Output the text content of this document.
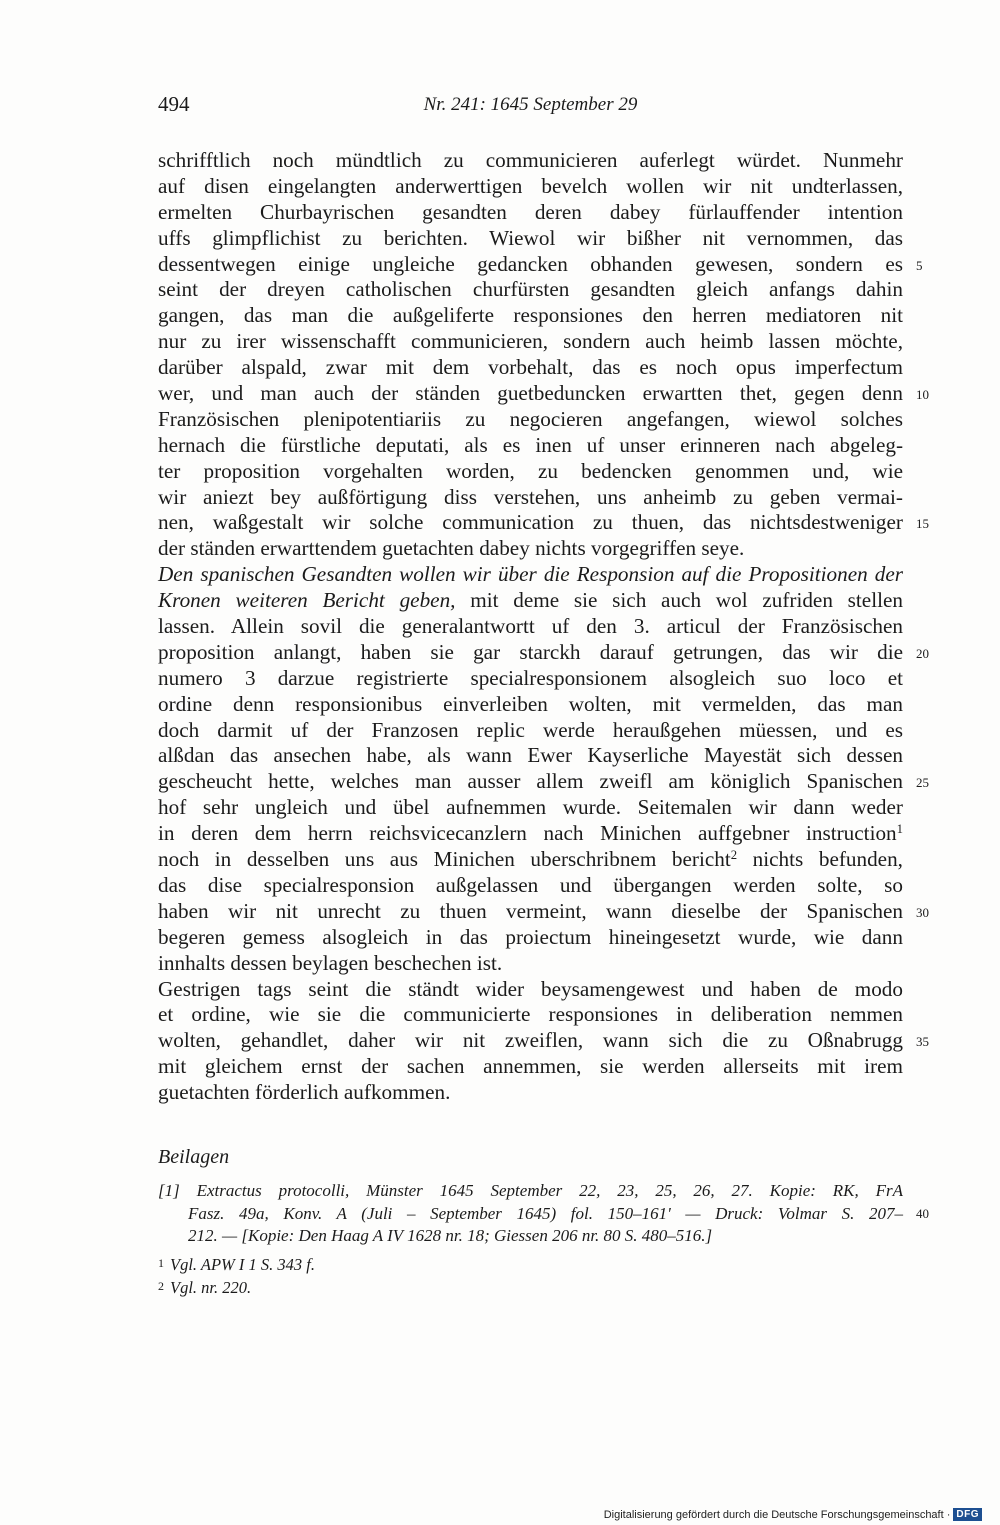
494	Nr. 241: 1645 September 29
schrifftlich noch mündtlich zu communicieren auferlegt würdet. Nunmehr
auf disen eingelangten anderwerttigen bevelch wollen wir nit undterlassen,
ermelten Churbayrischen gesandten deren dabey fürlauffender intention
uffs glimpflichist zu berichten. Wiewol wir bißher nit vernommen, das
dessentwegen einige ungleiche gedancken obhanden gewesen, sondern es 5
seint der dreyen catholischen churfürsten gesandten gleich anfangs dahin
gangen, das man die außgeliferte responsiones den herren mediatoren nit
nur zu irer wissenschafft communicieren, sondern auch heimb lassen möchte,
darüber alspald, zwar mit dem vorbehalt, das es noch opus imperfectum
wer, und man auch der ständen guetbeduncken erwartten thet, gegen denn 10
Französischen plenipotentiariis zu negocieren angefangen, wiewol solches
hernach die fürstliche deputati, als es inen uf unser erinneren nach abgeleg-
ter proposition vorgehalten worden, zu bedencken genommen und, wie
wir aniezt bey außförtigung diss verstehen, uns anheimb zu geben vermai-
nen, waßgestalt wir solche communication zu thuen, das nichtsdestweniger 15
der ständen erwarttendem guetachten dabey nichts vorgegriffen seye.
Den spanischen Gesandten wollen wir über die Responsion auf die Propositionen der
Kronen weiteren Bericht geben, mit deme sie sich auch wol zufriden stellen
lassen. Allein sovil die generalantwortt uf den 3. articul der Französischen
proposition anlangt, haben sie gar starckh darauf getrungen, das wir die 20
numero 3 darzue registrierte specialresponsionem alsogleich suo loco et
ordine denn responsionibus einverleiben wolten, mit vermelden, das man
doch darmit uf der Franzosen replic werde heraußgehen müessen, und es
alßdan das ansechen habe, als wann Ewer Kayserliche Mayestät sich dessen
gescheucht hette, welches man ausser allem zweifl am königlich Spanischen 25
hof sehr ungleich und übel aufnemmen wurde. Seitemalen wir dann weder
in deren dem herrn reichsvicecanzlern nach Minichen auffgebner instruction$^1$
noch in desselben uns aus Minichen uberschribnem bericht$^2$ nichts befunden,
das dise specialresponsion außgelassen und übergangen werden solte, so
haben wir nit unrecht zu thuen vermeint, wann dieselbe der Spanischen 30
begeren gemess alsogleich in das proiectum hineingesetzt wurde, wie dann
innhalts dessen beylagen beschechen ist.
Gestrigen tags seint die ständt wider beysamengewest und haben de modo
et ordine, wie sie die communicierte responsiones in deliberation nemmen
wolten, gehandlet, daher wir nit zweiflen, wann sich die zu Oßnabrugg 35
mit gleichem ernst der sachen annemmen, sie werden allerseits mit irem
guetachten förderlich aufkommen.
Beilagen
[1] Extractus protocolli, Münster 1645 September 22, 23, 25, 26, 27. Kopie: RK, FrA
Fasz. 49a, Konv. A (Juli – September 1645) fol. 150–161' — Druck: Volmar S. 207– 40
212. — [Kopie: Den Haag A IV 1628 nr. 18; Giessen 206 nr. 80 S. 480–516.]
1 Vgl. APW I 1 S. 343 f.
2 Vgl. nr. 220.
Digitalisierung gefördert durch die Deutsche Forschungsgemeinschaft · DFG
